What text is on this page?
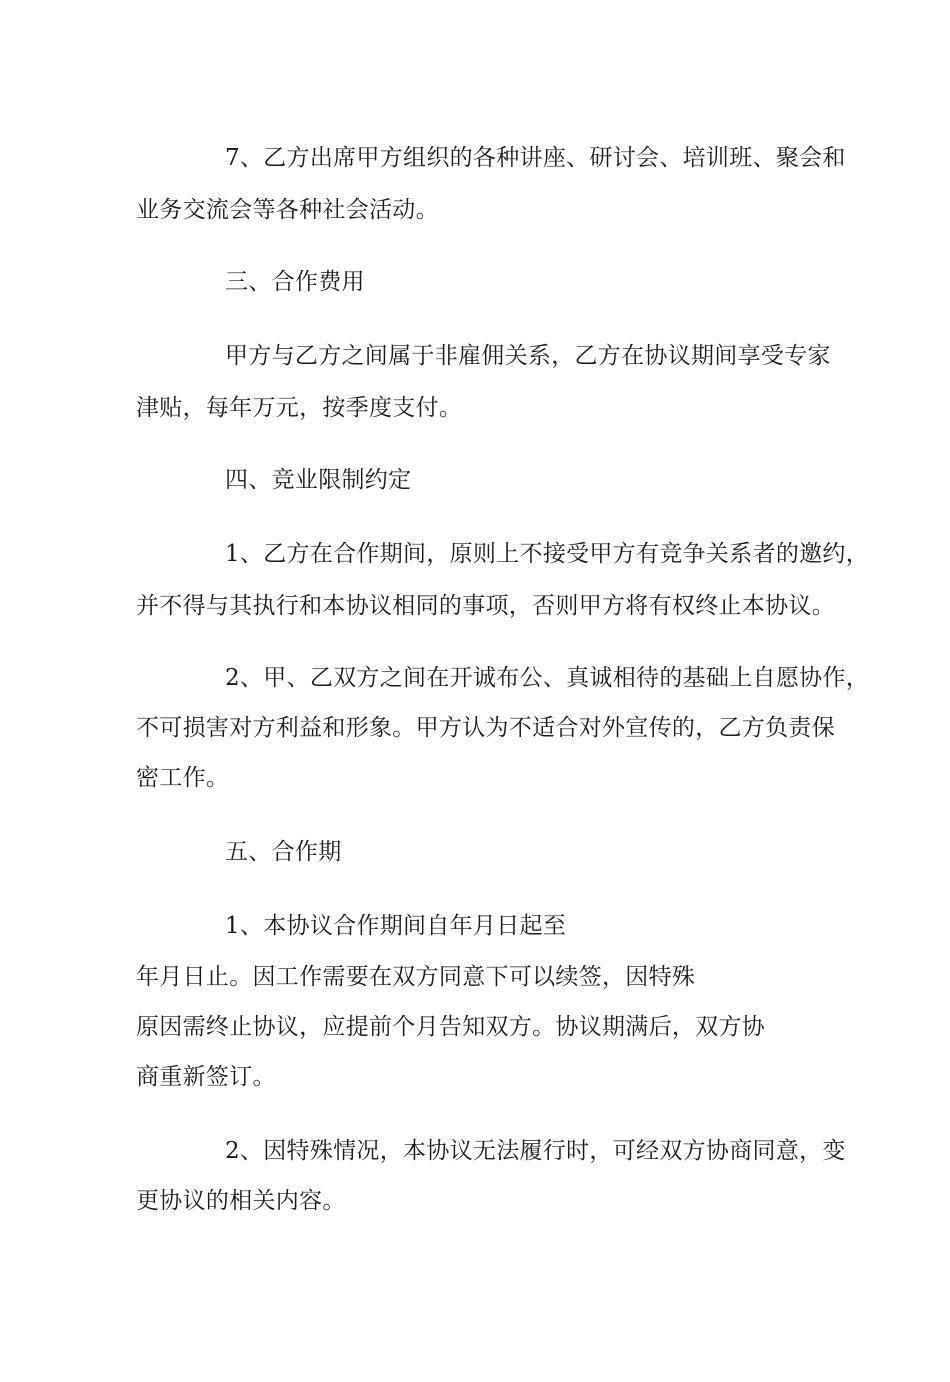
7、乙方出席甲方组织的各种讲座、研讨会、培训班、聚会和
业务交流会等各种社会活动。
三、合作费用
甲方与乙方之间属于非雇佣关系，乙方在协议期间享受专家
津贴，每年万元，按季度支付。
四、竞业限制约定
1、乙方在合作期间，原则上不接受甲方有竞争关系者的邀约，
并不得与其执行和本协议相同的事项，否则甲方将有权终止本协议。
2、甲、乙双方之间在开诚布公、真诚相待的基础上自愿协作，
不可损害对方利益和形象。甲方认为不适合对外宣传的，乙方负责保
密工作。
五、合作期
1、本协议合作期间自年月日起至
年月日止。因工作需要在双方同意下可以续签，因特殊
原因需终止协议，应提前个月告知双方。协议期满后，双方协
商重新签订。
2、因特殊情况，本协议无法履行时，可经双方协商同意，变
更协议的相关内容。
